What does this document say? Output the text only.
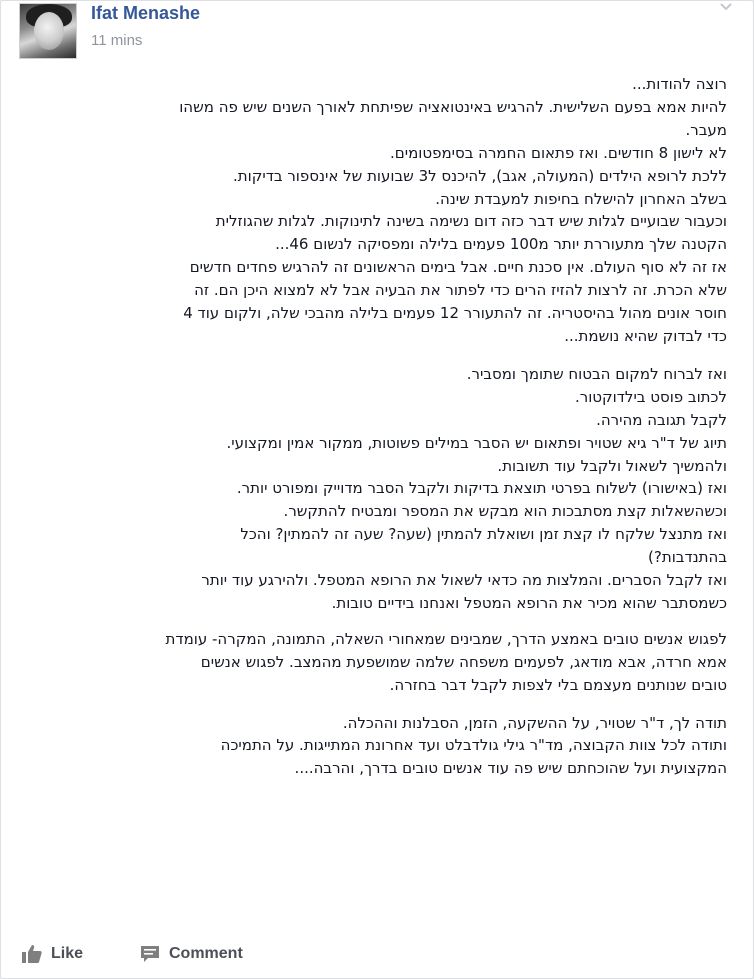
Ifat Menashe
11 mins
רוצה להודות...
להיות אמא בפעם השלישית. להרגיש באינטואציה שפיתחת לאורך השנים שיש פה משהו
מעבר.
לא לישון 8 חודשים. ואז פתאום החמרה בסימפטומים.
ללכת לרופא הילדים (המעולה, אגב), להיכנס ל3 שבועות של אינספור בדיקות.
בשלב האחרון להישלח בחיפות למעבדת שינה.
וכעבור שבועיים לגלות שיש דבר כזה דום נשימה בשינה לתינוקות. לגלות שהגוזלית
הקטנה שלך מתעוררת יותר מ100 פעמים בלילה ומפסיקה לנשום 46...
אז זה לא סוף העולם. אין סכנת חיים. אבל בימים הראשונים זה להרגיש פחדים חדשים
שלא הכרת. זה לרצות להזיז הרים כדי לפתור את הבעיה אבל לא למצוא היכן הם. זה
חוסר אונים מהול בהיסטריה. זה להתעורר 12 פעמים בלילה מהבכי שלה, ולקום עוד 4
כדי לבדוק שהיא נושמת...
ואז לברוח למקום הבטוח שתומך ומסביר.
לכתוב פוסט בילדוקטור.
לקבל תגובה מהירה.
תיוג של ד"ר גיא שטויר ופתאום יש הסבר במילים פשוטות, ממקור אמין ומקצועי.
ולהמשיך לשאול ולקבל עוד תשובות.
ואז (באישורו) לשלוח בפרטי תוצאת בדיקות ולקבל הסבר מדוייק ומפורט יותר.
וכשהשאלות קצת מסתבכות הוא מבקש את המספר ומבטיח להתקשר.
ואז מתנצל שלקח לו קצת זמן ושואלת להמתין (שעה? שעה זה להמתין? והכל
בהתנדבות?)
ואז לקבל הסברים. והמלצות מה כדאי לשאול את הרופא המטפל. ולהירגע עוד יותר
כשמסתבר שהוא מכיר את הרופא המטפל ואנחנו בידיים טובות.
לפגוש אנשים טובים באמצע הדרך, שמבינים שמאחורי השאלה, התמונה, המקרה- עומדת
אמא חרדה, אבא מודאג, לפעמים משפחה שלמה שמושפעת מהמצב. לפגוש אנשים
טובים שנותנים מעצמם בלי לצפות לקבל דבר בחזרה.
תודה לך, ד"ר שטויר, על ההשקעה, הזמן, הסבלנות וההכלה.
ותודה לכל צוות הקבוצה, מד"ר גילי גולדבלט ועד אחרונת המתייגות. על התמיכה
המקצועית ועל שהוכחתם שיש פה עוד אנשים טובים בדרך, והרבה....
Like	Comment
